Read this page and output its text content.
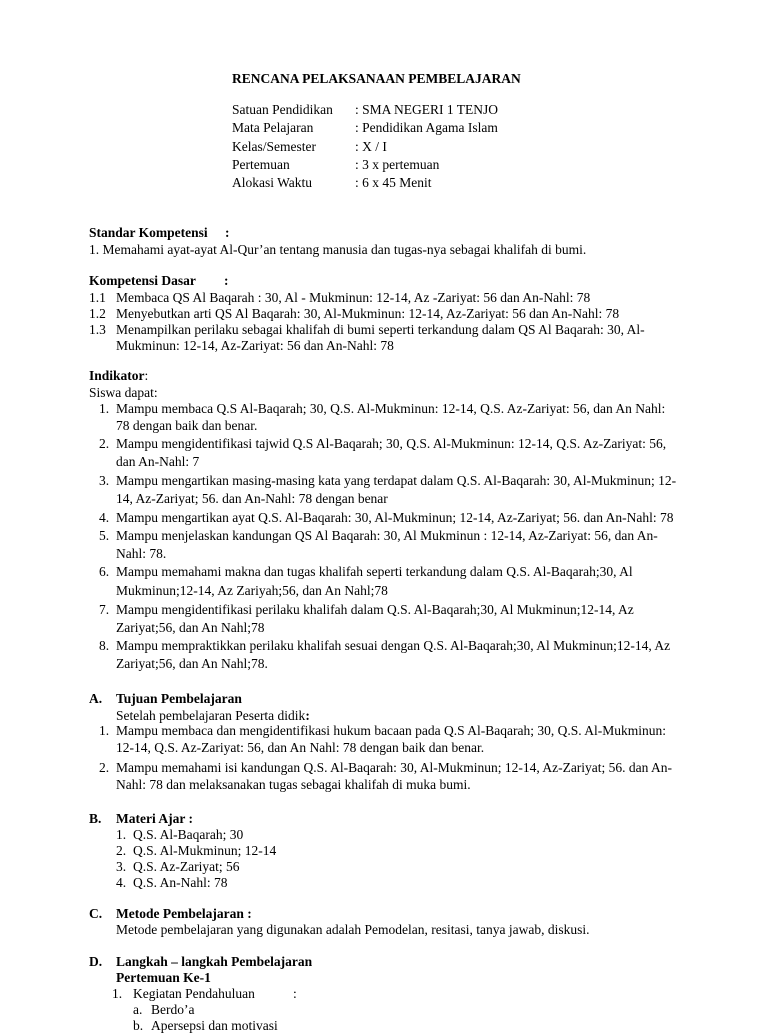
RENCANA PELAKSANAAN PEMBELAJARAN
Satuan Pendidikan : SMA NEGERI 1 TENJO
Mata Pelajaran	: Pendidikan Agama Islam
Kelas/Semester	: X / I
Pertemuan	: 3 x pertemuan
Alokasi Waktu	: 6 x 45 Menit
Standar Kompetensi :
1. Memahami ayat-ayat Al-Qur’an tentang manusia dan tugas-nya sebagai khalifah di bumi.
Kompetensi Dasar :
1.1 Membaca QS Al Baqarah : 30, Al - Mukminun: 12-14, Az -Zariyat: 56 dan An-Nahl: 78
1.2 Menyebutkan arti QS Al Baqarah: 30, Al-Mukminun: 12-14, Az-Zariyat: 56 dan An-Nahl: 78
1.3 Menampilkan perilaku sebagai khalifah di bumi seperti terkandung dalam QS Al Baqarah: 30, Al-
Mukminun: 12-14, Az-Zariyat: 56 dan An-Nahl: 78
Indikator:
Siswa dapat:
1. Mampu membaca Q.S Al-Baqarah; 30, Q.S. Al-Mukminun: 12-14, Q.S. Az-Zariyat: 56, dan An Nahl:
78 dengan baik dan benar.
2. Mampu mengidentifikasi tajwid Q.S Al-Baqarah; 30, Q.S. Al-Mukminun: 12-14, Q.S. Az-Zariyat: 56,
dan An-Nahl: 7
3. Mampu mengartikan masing-masing kata yang terdapat dalam Q.S. Al-Baqarah: 30, Al-Mukminun; 12-
14, Az-Zariyat; 56. dan An-Nahl: 78 dengan benar
4. Mampu mengartikan ayat Q.S. Al-Baqarah: 30, Al-Mukminun; 12-14, Az-Zariyat; 56. dan An-Nahl: 78
5. Mampu menjelaskan kandungan QS Al Baqarah: 30, Al Mukminun : 12-14, Az-Zariyat: 56, dan An-
Nahl: 78.
6. Mampu memahami makna dan tugas khalifah seperti terkandung dalam Q.S. Al-Baqarah;30, Al
Mukminun;12-14, Az Zariyah;56, dan An Nahl;78
7. Mampu mengidentifikasi perilaku khalifah dalam Q.S. Al-Baqarah;30, Al Mukminun;12-14, Az
Zariyat;56, dan An Nahl;78
8. Mampu mempraktikkan perilaku khalifah sesuai dengan Q.S. Al-Baqarah;30, Al Mukminun;12-14, Az
Zariyat;56, dan An Nahl;78.
A. Tujuan Pembelajaran
Setelah pembelajaran Peserta didik:
1. Mampu membaca dan mengidentifikasi hukum bacaan pada Q.S Al-Baqarah; 30, Q.S. Al-Mukminun:
12-14, Q.S. Az-Zariyat: 56, dan An Nahl: 78 dengan baik dan benar.
2. Mampu memahami isi kandungan Q.S. Al-Baqarah: 30, Al-Mukminun; 12-14, Az-Zariyat; 56. dan An-
Nahl: 78 dan melaksanakan tugas sebagai khalifah di muka bumi.
B. Materi Ajar :
1. Q.S. Al-Baqarah; 30
2. Q.S. Al-Mukminun; 12-14
3. Q.S. Az-Zariyat; 56
4. Q.S. An-Nahl: 78
C. Metode Pembelajaran :
Metode pembelajaran yang digunakan adalah Pemodelan, resitasi, tanya jawab, diskusi.
D. Langkah – langkah Pembelajaran
Pertemuan Ke-1
1. Kegiatan Pendahuluan	:
a. Berdo’a
b. Apersepsi dan motivasi
